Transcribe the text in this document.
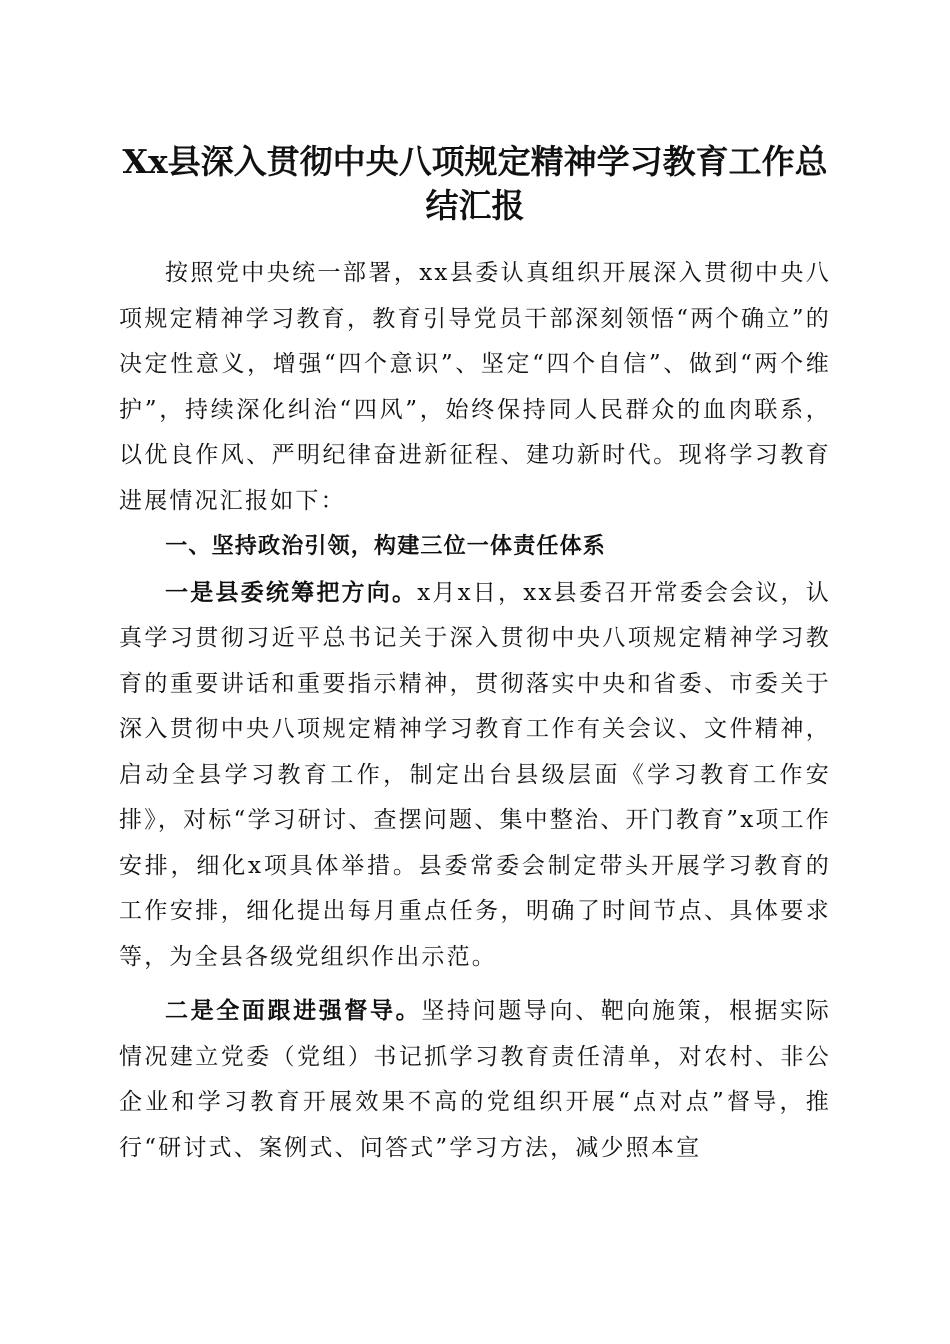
Xx县深入贯彻中央八项规定精神学习教育工作总结汇报

按照党中央统一部署，xx县委认真组织开展深入贯彻中央八项规定精神学习教育，教育引导党员干部深刻领悟“两个确立”的决定性意义，增强“四个意识”、坚定“四个自信”、做到“两个维护”，持续深化纠治“四风”，始终保持同人民群众的血肉联系，以优良作风、严明纪律奋进新征程、建功新时代。现将学习教育进展情况汇报如下：

一、坚持政治引领，构建三位一体责任体系

一是县委统筹把方向。x月x日，xx县委召开常委会会议，认真学习贯彻习近平总书记关于深入贯彻中央八项规定精神学习教育的重要讲话和重要指示精神，贯彻落实中央和省委、市委关于深入贯彻中央八项规定精神学习教育工作有关会议、文件精神，启动全县学习教育工作，制定出台县级层面《学习教育工作安排》，对标“学习研讨、查摆问题、集中整治、开门教育”x项工作安排，细化x项具体举措。县委常委会制定带头开展学习教育的工作安排，细化提出每月重点任务，明确了时间节点、具体要求等，为全县各级党组织作出示范。

二是全面跟进强督导。坚持问题导向、靶向施策，根据实际情况建立党委（党组）书记抓学习教育责任清单，对农村、非公企业和学习教育开展效果不高的党组织开展“点对点”督导，推行“研讨式、案例式、问答式”学习方法，减少照本宣
